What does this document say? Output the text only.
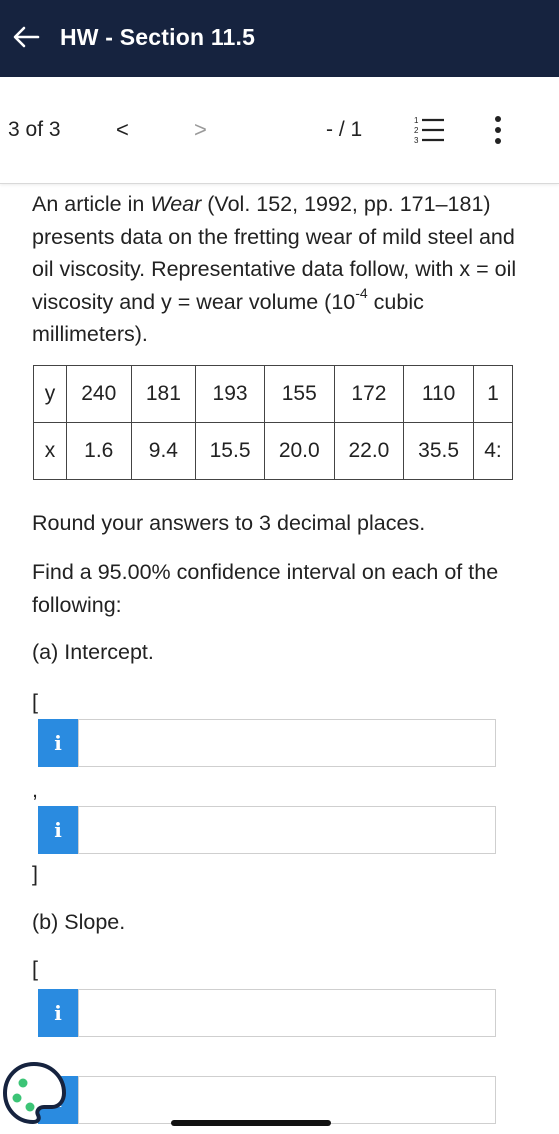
HW - Section 11.5
3 of 3	<	>	- / 1	1
2
3

An article in Wear (Vol. 152, 1992, pp. 171–181) presents data on the fretting wear of mild steel and oil viscosity. Representative data follow, with x = oil viscosity and y = wear volume ($10^{-4}$ cubic millimeters).

y	240	181	193	155	172	110	1
x	1.6	9.4	15.5	20.0	22.0	35.5	4:
Round your answers to 3 decimal places.
Find a 95.00% confidence interval on each of the following:
(a) Intercept.
[
i
,
i
]
(b) Slope.
[
i
